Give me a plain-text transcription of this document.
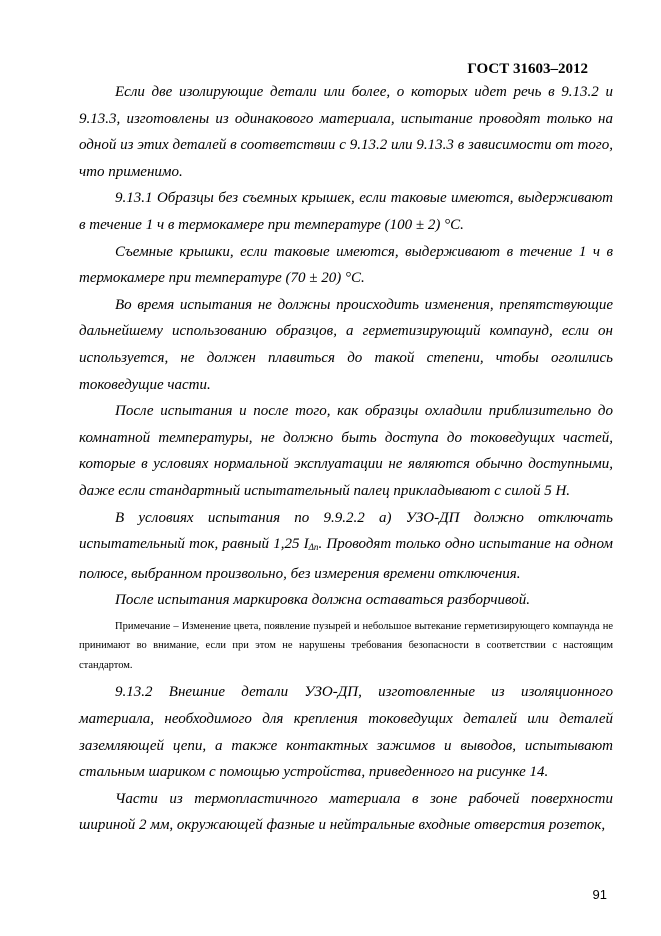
ГОСТ 31603–2012

Если две изолирующие детали или более, о которых идет речь в 9.13.2 и 9.13.3, изготовлены из одинакового материала, испытание проводят только на одной из этих деталей в соответствии с 9.13.2 или 9.13.3 в зависимости от того, что применимо.

9.13.1 Образцы без съемных крышек, если таковые имеются, выдерживают в течение 1 ч в термокамере при температуре (100 ± 2) °С.

Съемные крышки, если таковые имеются, выдерживают в течение 1 ч в термокамере при температуре (70 ± 20) °С.

Во время испытания не должны происходить изменения, препятствующие дальнейшему использованию образцов, а герметизирующий компаунд, если он используется, не должен плавиться до такой степени, чтобы оголились токоведущие части.

После испытания и после того, как образцы охладили приблизительно до комнатной температуры, не должно быть доступа до токоведущих частей, которые в условиях нормальной эксплуатации не являются обычно доступными, даже если стандартный испытательный палец прикладывают с силой 5 Н.

В условиях испытания по 9.9.2.2 а) УЗО-ДП должно отключать испытательный ток, равный 1,25 $I_{\Delta n}$. Проводят только одно испытание на одном полюсе, выбранном произвольно, без измерения времени отключения.

После испытания маркировка должна оставаться разборчивой.

Примечание – Изменение цвета, появление пузырей и небольшое вытекание герметизирующего компаунда не принимают во внимание, если при этом не нарушены требования безопасности в соответствии с настоящим стандартом.

9.13.2 Внешние детали УЗО-ДП, изготовленные из изоляционного материала, необходимого для крепления токоведущих деталей или деталей заземляющей цепи, а также контактных зажимов и выводов, испытывают стальным шариком с помощью устройства, приведенного на рисунке 14.

Части из термопластичного материала в зоне рабочей поверхности шириной 2 мм, окружающей фазные и нейтральные входные отверстия розеток,

91
